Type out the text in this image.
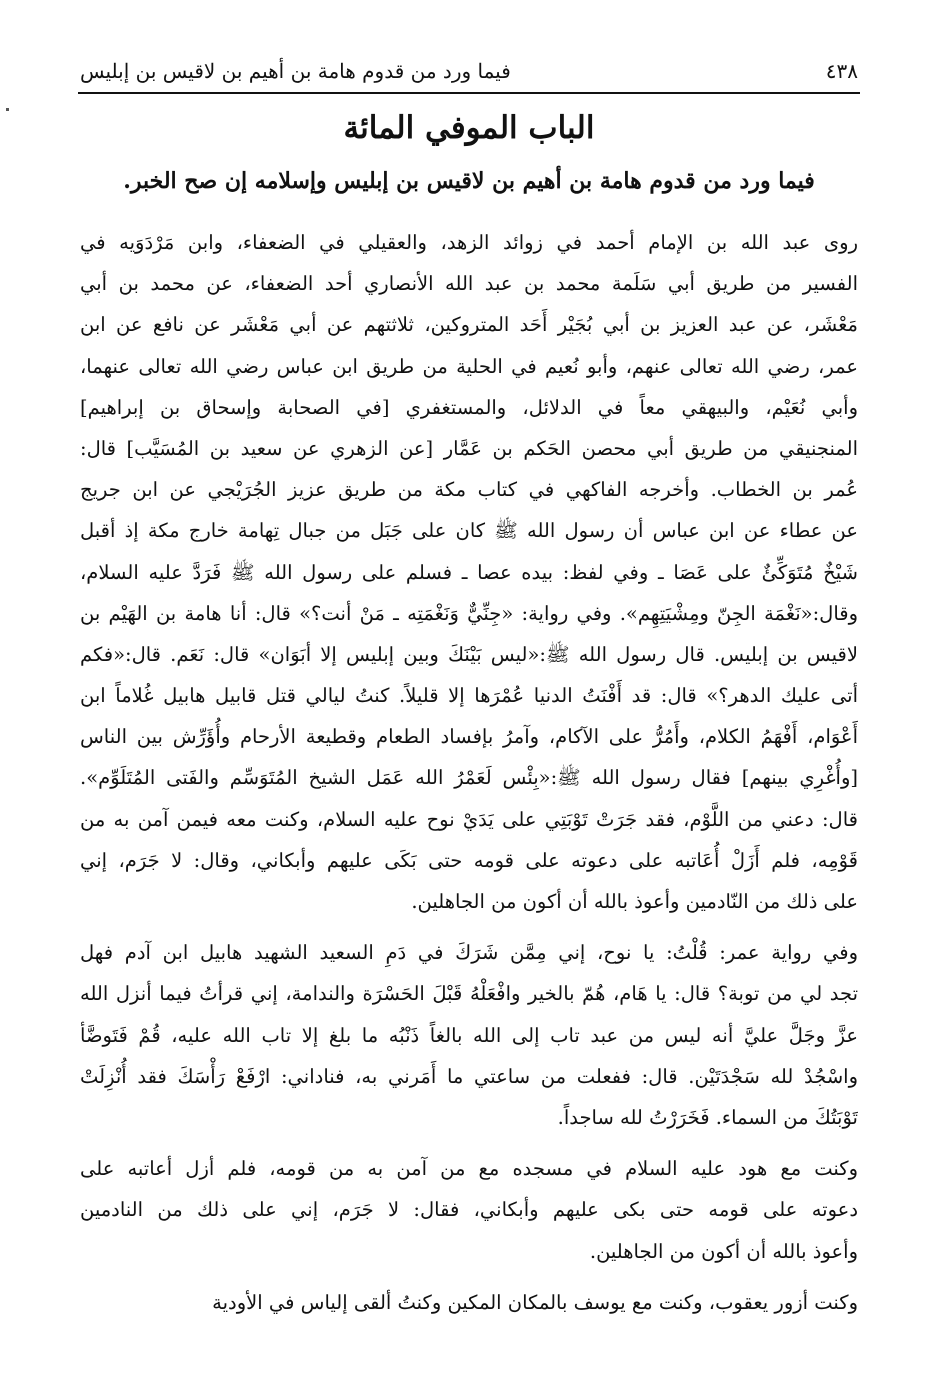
٤٣٨
فيما ورد من قدوم هامة بن أهيم بن لاقيس بن إبليس
الباب الموفي المائة
فيما ورد من قدوم هامة بن أهيم بن لاقيس بن إبليس وإسلامه إن صح الخبر.
روى عبد الله بن الإمام أحمد في زوائد الزهد، والعقيلي في الضعفاء، وابن مَرْدَوَيه في
الفسير من طريق أبي سَلَمة محمد بن عبد الله الأنصاري أحد الضعفاء، عن محمد بن أبي
مَعْشَر، عن عبد العزيز بن أبي بُجَيْر أَحَد المتروكين، ثلاثتهم عن أبي مَعْشَر عن نافع عن ابن
عمر، رضي الله تعالى عنهم، وأبو نُعيم في الحلية من طريق ابن عباس رضي الله تعالى عنهما،
وأبي نُعَيْم، والبيهقي معاً في الدلائل، والمستغفري [في الصحابة وإسحاق بن إبراهيم]
المنجنيقي من طريق أبي محصن الحَكم بن عَمَّار [عن الزهري عن سعيد بن المُسَيَّب] قال:
عُمر بن الخطاب. وأخرجه الفاكهي في كتاب مكة من طريق عزيز الجُرَيْجي عن ابن جريج
عن عطاء عن ابن عباس أن رسول الله ﷺ كان على جَبَل من جبال تِهامة خارج مكة إذ أقبل
شَيْخٌ مُتَوَكِّئٌ على عَصَا ـ وفي لفظ: بيده عصا ـ فسلم على رسول الله ﷺ فَرَدَّ عليه السلام،
وقال:«نَغْمَة الجِنّ ومِشْيَتِهِم». وفي رواية: «جِنِّيٌّ وَنَغْمَتِه ـ مَنْ أنت؟» قال: أنا هامة بن الهَيْم بن
لاقيس بن إبليس. قال رسول الله ﷺ:«ليس بَيْنَكَ وبين إبليس إلا أبَوَان» قال: نَعَم. قال:«فكم
أتى عليك الدهر؟» قال: قد أَفْنَتُ الدنيا عُمْرَها إلا قليلاً. كنتُ ليالي قتل قابيل هابيل غُلاماً ابن
أَعْوَام، أَفْهَمُ الكلام، وأَمُرُّ على الآكام، وآمرُ بإفساد الطعام وقطيعة الأرحام وأُؤَرِّش بين الناس
[وأُغْرِي بينهم] فقال رسول الله ﷺ:«بِئْس لَعَمْرُ الله عَمَل الشيخ المُتَوَسِّم والفَتى المُتَلَوِّم».
قال: دعني من اللَّوْم، فقد جَرَتْ تَوْبَتِي على يَدَيْ نوح عليه السلام، وكنت معه فيمن آمن به من
قَوْمِه، فلم أَزَلْ أُعَاتبه على دعوته على قومه حتى بَكَى عليهم وأبكاني، وقال: لا جَرَم، إني
على ذلك من النّادمين وأعوذ بالله أن أكون من الجاهلين.
وفي رواية عمر: قُلْتُ: يا نوح، إني مِمَّن شَرَكَ في دَمِ السعيد الشهيد هابيل ابن آدم فهل
تجد لي من توبة؟ قال: يا هَام، هُمّ بالخير وافْعَلْهُ قَبْلَ الحَسْرَة والندامة، إني قرأتُ فيما أنزل الله
عزَّ وجَلَّ عليَّ أنه ليس من عبد تاب إلى الله بالغاً ذَنْبُه ما بلغ إلا تاب الله عليه، قُمْ فَتَوضَّأ
واسْجُدْ لله سَجْدَتَيْن. قال: ففعلت من ساعتي ما أَمَرني به، فناداني: ارْفَعْ رَأْسَكَ فقد أُنْزِلَتْ
تَوْبَتُكَ من السماء. فَخَرَرْتُ لله ساجداً.
وكنت مع هود عليه السلام في مسجده مع من آمن به من قومه، فلم أزل أعاتبه على
دعوته على قومه حتى بكى عليهم وأبكاني، فقال: لا جَرَم، إني على ذلك من النادمين
وأعوذ بالله أن أكون من الجاهلين.
وكنت أزور يعقوب، وكنت مع يوسف بالمكان المكين وكنتُ ألقى إلياس في الأودية
